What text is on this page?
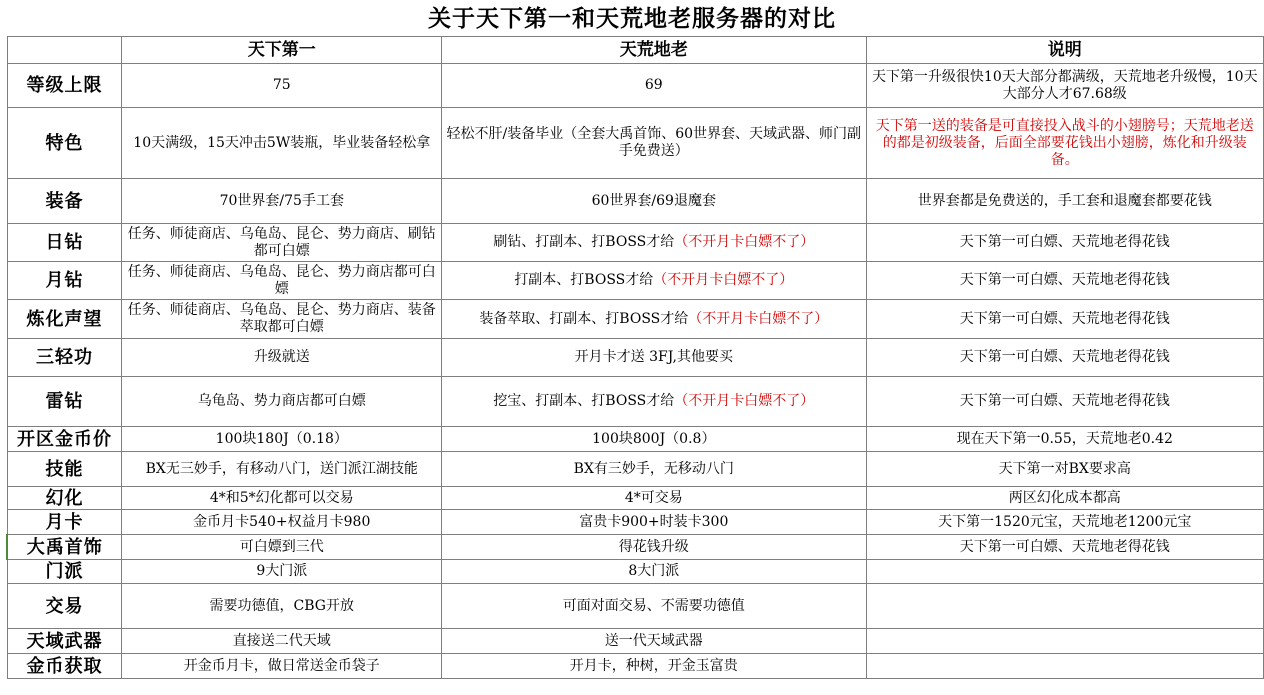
关于天下第一和天荒地老服务器的对比
	天下第一	天荒地老	说明
等级上限	75	69	天下第一升级很快10天大部分都满级，天荒地老升级慢，10天大部分人才67.68级
特色	10天满级，15天冲击5W装瓶，毕业装备轻松拿	轻松不肝/装备毕业（全套大禹首饰、60世界套、天域武器、师门副手免费送）	天下第一送的装备是可直接投入战斗的小翅膀号；天荒地老送的都是初级装备，后面全部要花钱出小翅膀，炼化和升级装备。
装备	70世界套/75手工套	60世界套/69退魔套	世界套都是免费送的，手工套和退魔套都要花钱
日钻	任务、师徒商店、乌龟岛、昆仑、势力商店、刷钻都可白嫖	刷钻、打副本、打BOSS才给（不开月卡白嫖不了）	天下第一可白嫖、天荒地老得花钱
月钻	任务、师徒商店、乌龟岛、昆仑、势力商店都可白嫖	打副本、打BOSS才给（不开月卡白嫖不了）	天下第一可白嫖、天荒地老得花钱
炼化声望	任务、师徒商店、乌龟岛、昆仑、势力商店、装备萃取都可白嫖	装备萃取、打副本、打BOSS才给（不开月卡白嫖不了）	天下第一可白嫖、天荒地老得花钱
三轻功	升级就送	开月卡才送 3FJ,其他要买	天下第一可白嫖、天荒地老得花钱
雷钻	乌龟岛、势力商店都可白嫖	挖宝、打副本、打BOSS才给（不开月卡白嫖不了）	天下第一可白嫖、天荒地老得花钱
开区金币价	100块180J（0.18）	100块800J（0.8）	现在天下第一0.55，天荒地老0.42
技能	BX无三妙手，有移动八门，送门派江湖技能	BX有三妙手，无移动八门	天下第一对BX要求高
幻化	4*和5*幻化都可以交易	4*可交易	两区幻化成本都高
月卡	金币月卡540+权益月卡980	富贵卡900+时装卡300	天下第一1520元宝，天荒地老1200元宝
大禹首饰	可白嫖到三代	得花钱升级	天下第一可白嫖、天荒地老得花钱
门派	9大门派	8大门派	
交易	需要功德值，CBG开放	可面对面交易、不需要功德值	
天域武器	直接送二代天域	送一代天域武器	
金币获取	开金币月卡，做日常送金币袋子	开月卡，种树，开金玉富贵	
